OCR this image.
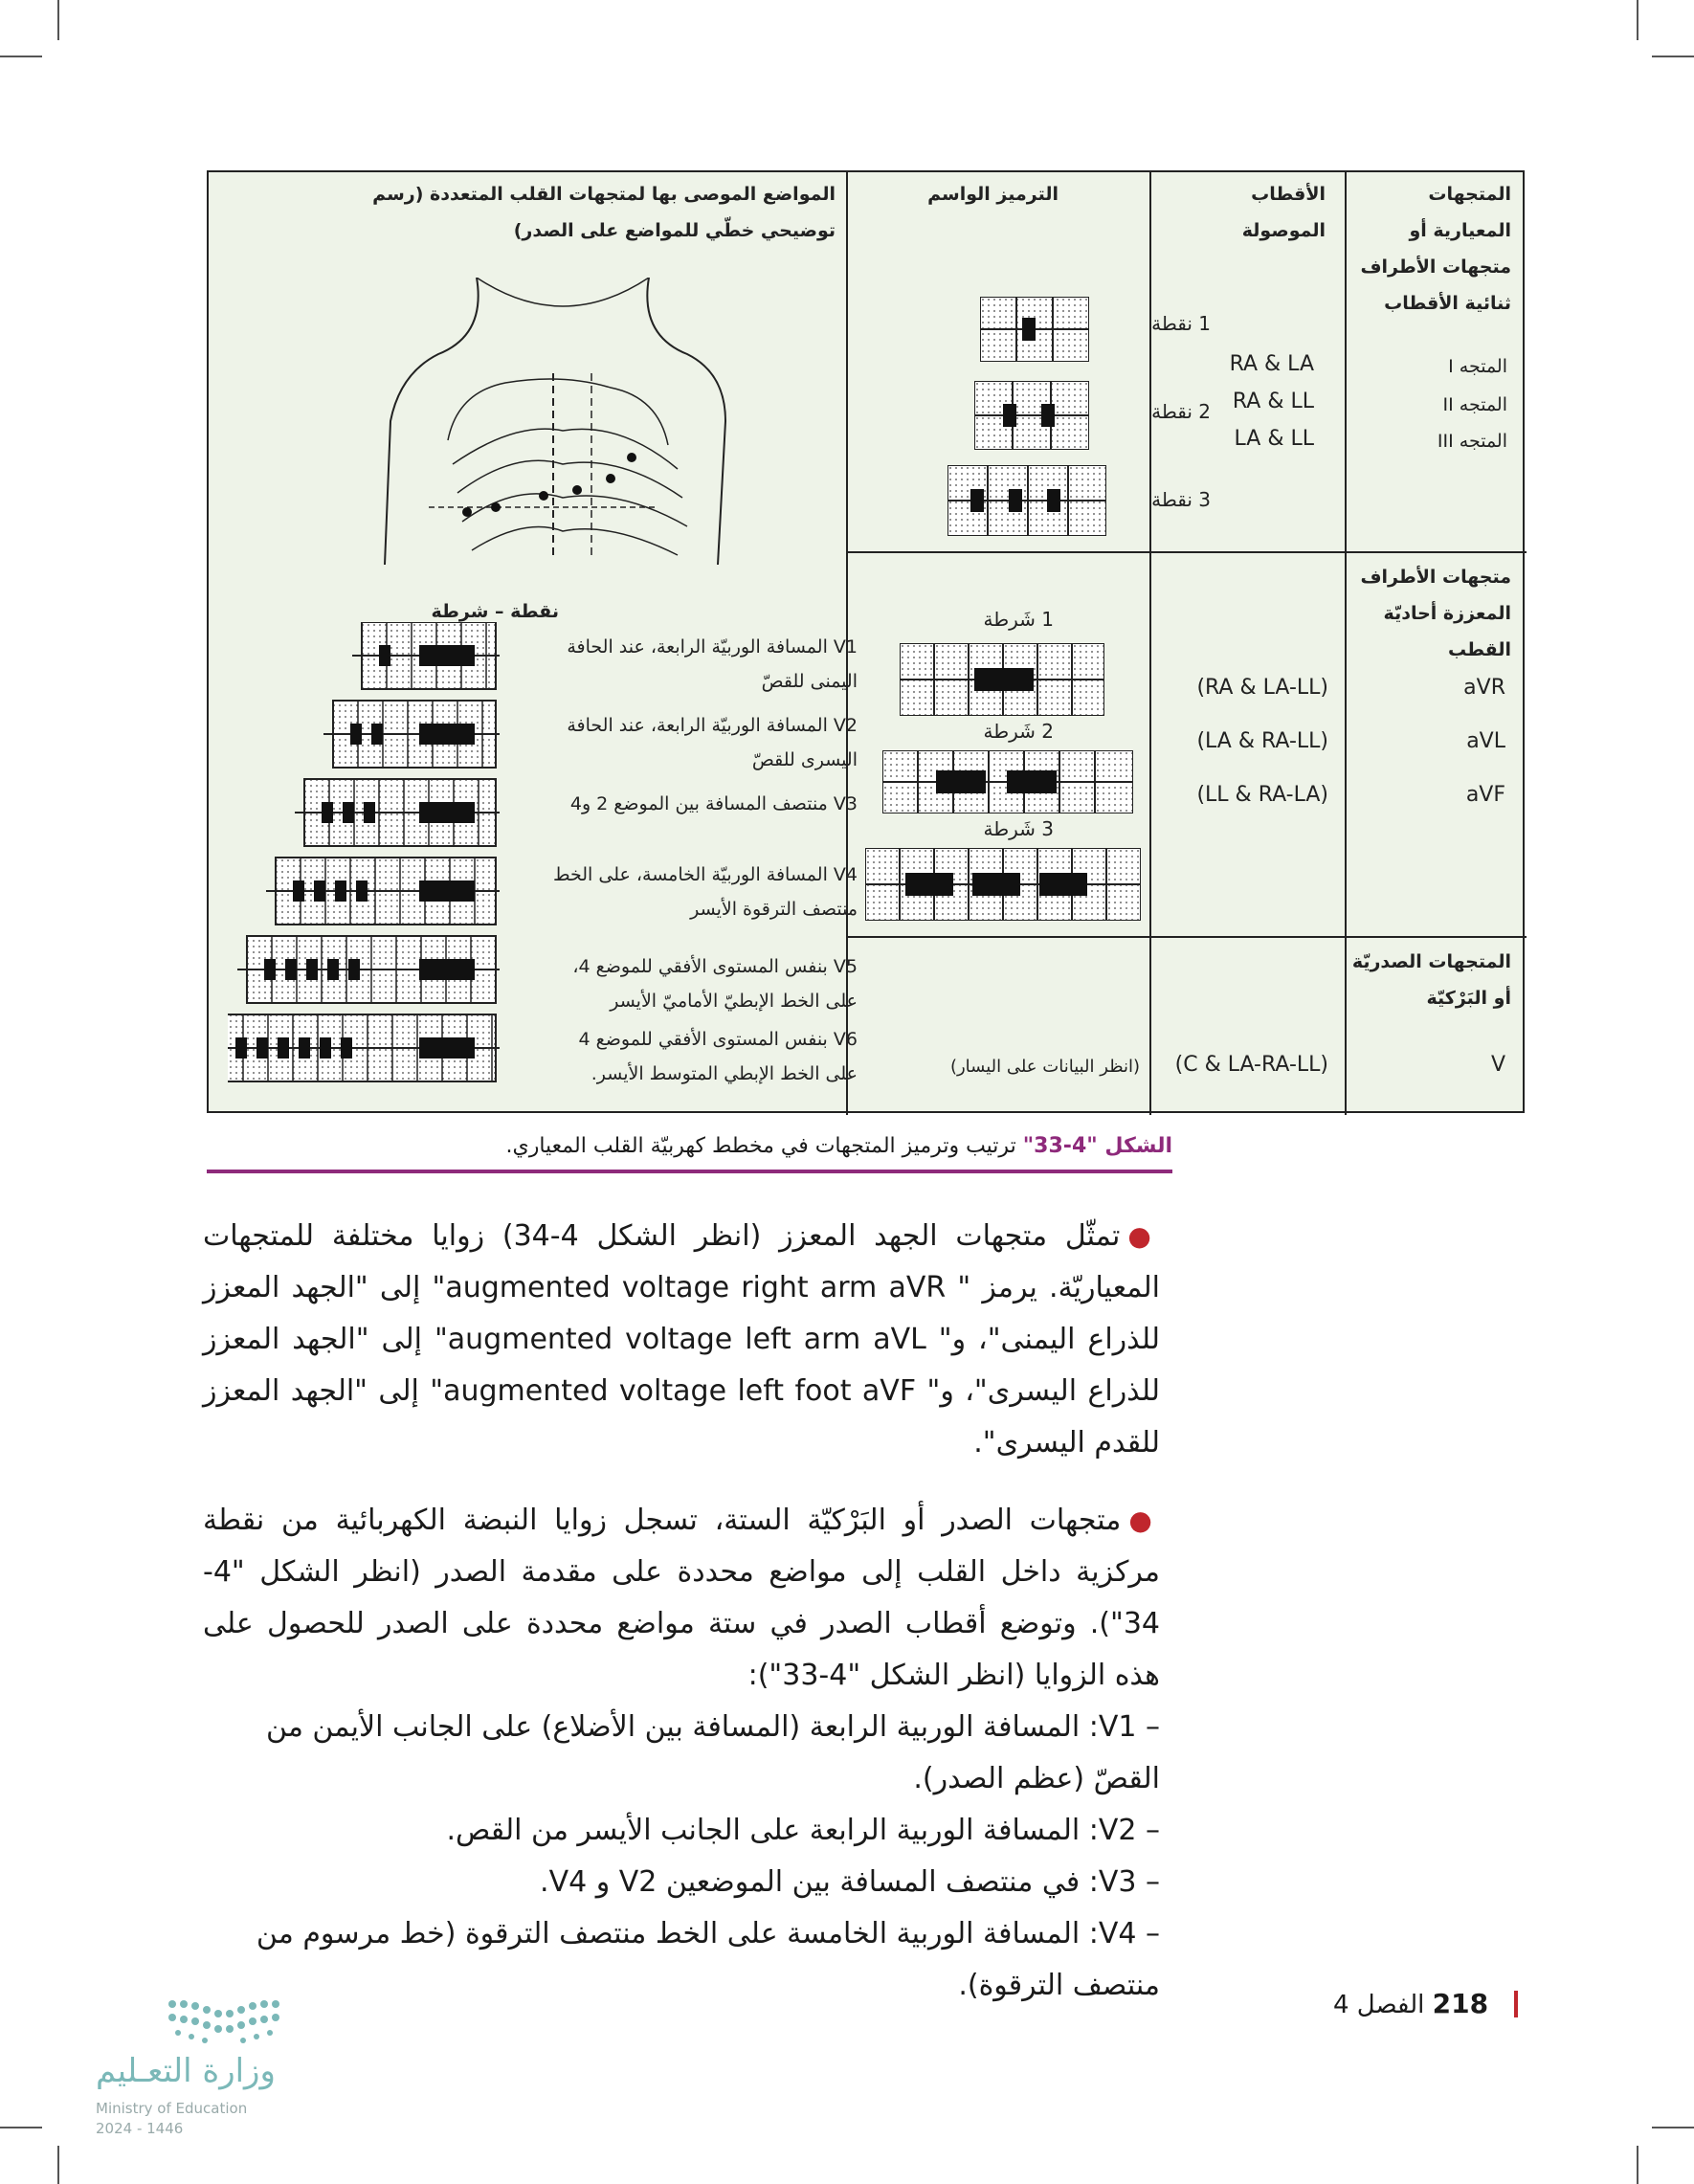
المتجهات المعيارية أو متجهات الأطراف ثنائية الأقطاب
الأقطاب الموصولة
الترميز الواسم
المواضع الموصى بها لمتجهات القلب المتعددة (رسم توضيحي خطّي للمواضع على الصدر)
المتجه I
المتجه II
المتجه III
RA & LA
RA & LL
LA & LL
1 نقطة
2 نقطة
3 نقطة
متجهات الأطراف المعززة أحاديّة القطب
aVR
aVL
aVF
(RA & LA-LL)
(LA & RA-LL)
(LL & RA-LA)
1 شَرطة
2 شَرطة
3 شَرطة
المتجهات الصدريّة أو البَرْكيّة
V
(C & LA-RA-LL)
(انظر البيانات على اليسار)
نقطة – شرطة
V1 المسافة الوربيّة الرابعة، عند الحافة اليمنى للقصّ
V2 المسافة الوربيّة الرابعة، عند الحافة اليسرى للقصّ
V3 منتصف المسافة بين الموضع 2 و4
V4 المسافة الوربيّة الخامسة، على الخط منتصف الترقوة الأيسر
V5 بنفس المستوى الأفقي للموضع 4، على الخط الإبطيّ الأماميّ الأيسر
V6 بنفس المستوى الأفقي للموضع 4 على الخط الإبطي المتوسط الأيسر.
الشكل "4-33" ترتيب وترميز المتجهات في مخطط كهربيّة القلب المعياري.
●تمثّل متجهات الجهد المعزز (انظر الشكل 4-34) زوايا مختلفة للمتجهات المعياريّة. يرمز " augmented voltage right arm aVR" إلى "الجهد المعزز للذراع اليمنى"، و" augmented voltage left arm aVL" إلى "الجهد المعزز للذراع اليسرى"، و" augmented voltage left foot aVF" إلى "الجهد المعزز للقدم اليسرى".
●متجهات الصدر أو البَرْكيّة الستة، تسجل زوايا النبضة الكهربائية من نقطة مركزية داخل القلب إلى مواضع محددة على مقدمة الصدر (انظر الشكل "4-34"). وتوضع أقطاب الصدر في ستة مواضع محددة على الصدر للحصول على هذه الزوايا (انظر الشكل "4-33"):
– V1: المسافة الوربية الرابعة (المسافة بين الأضلاع) على الجانب الأيمن من القصّ (عظم الصدر).
– V2: المسافة الوربية الرابعة على الجانب الأيسر من القص.
– V3: في منتصف المسافة بين الموضعين V2 و V4.
– V4: المسافة الوربية الخامسة على الخط منتصف الترقوة (خط مرسوم من منتصف الترقوة).
218 الفصل 4
وزارة التعـليم
Ministry of Education
2024 - 1446
